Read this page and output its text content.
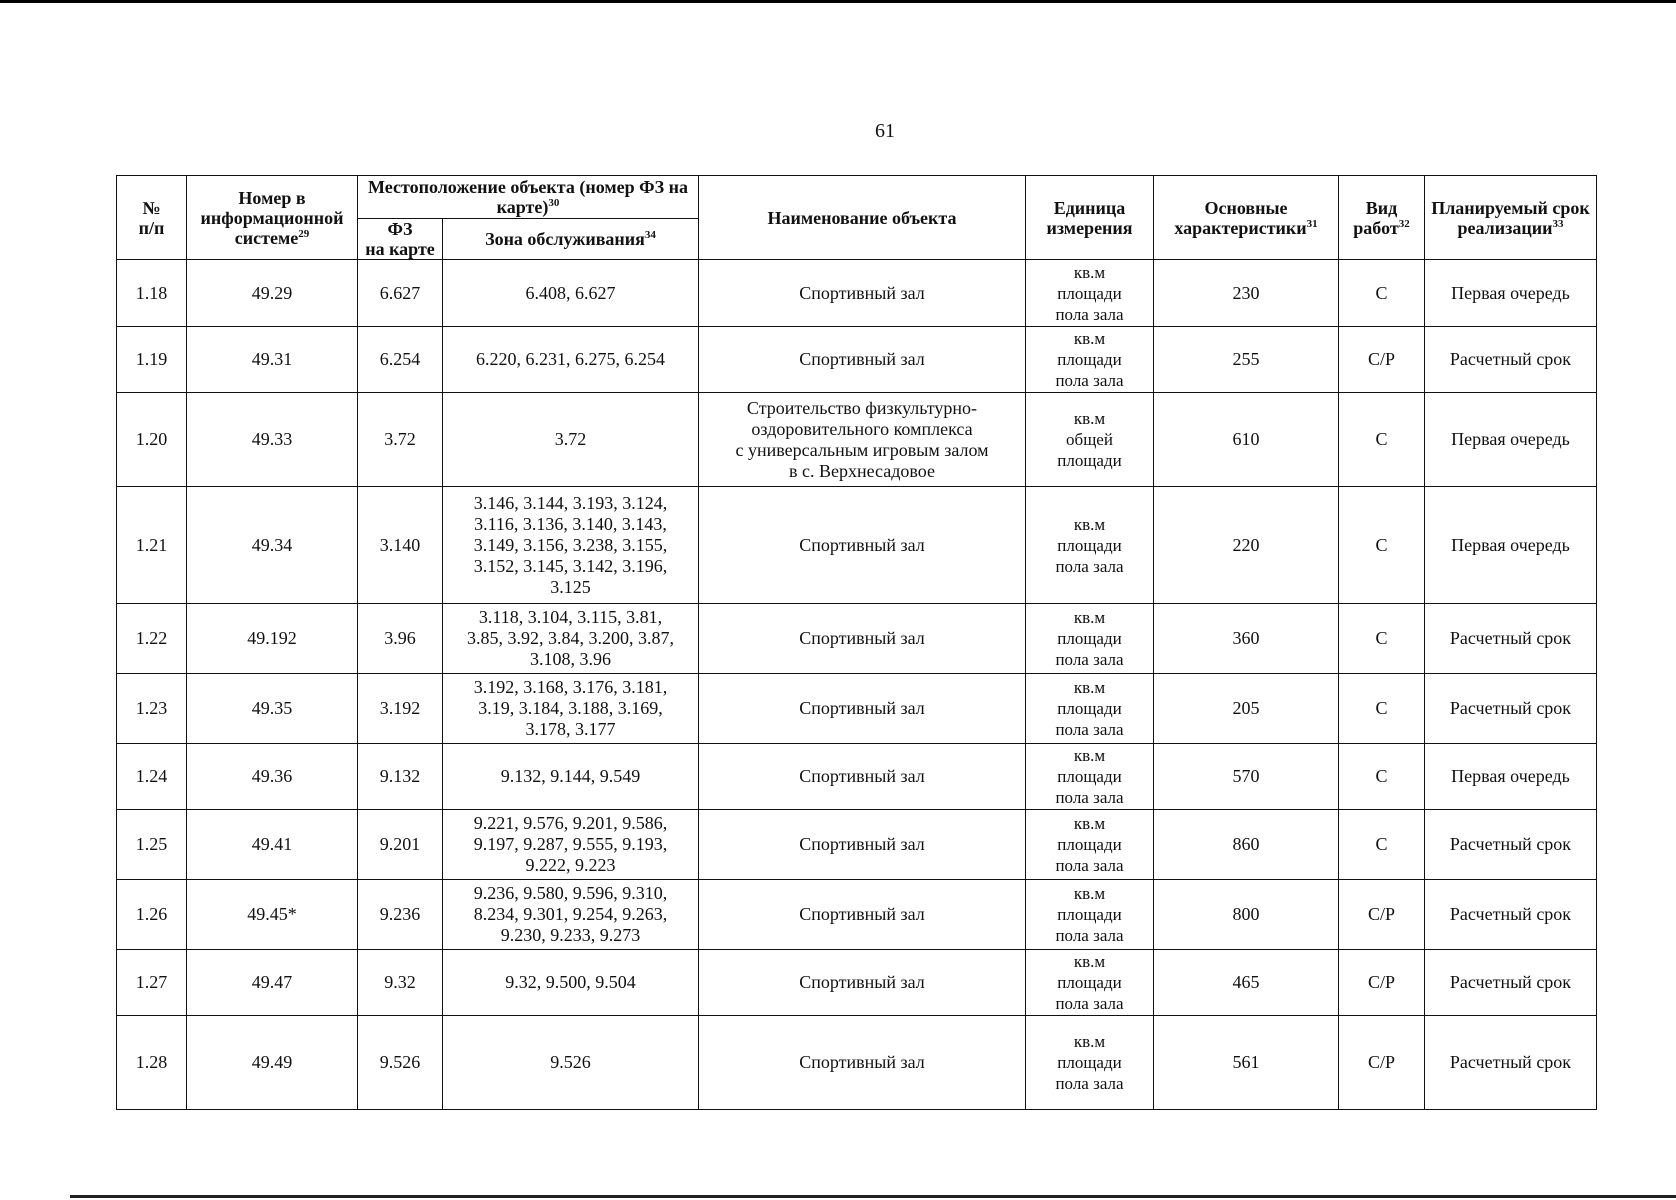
61
№
п/п	Номер в информационной системе$^{29}$	Местоположение объекта (номер ФЗ на карте)$^{30}$		Наименование объекта	Единица измерения	Основные характеристики$^{31}$	Вид работ$^{32}$	Планируемый срок реализации$^{33}$
		ФЗ
на карте	Зона обслуживания$^{34}$
1.18	49.29	6.627	6.408, 6.627	Спортивный зал	кв.м
площади
пола зала	230	С	Первая очередь
1.19	49.31	6.254	6.220, 6.231, 6.275, 6.254	Спортивный зал	кв.м
площади
пола зала	255	С/Р	Расчетный срок
1.20	49.33	3.72	3.72	Строительство физкультурно-
оздоровительного комплекса
с универсальным игровым залом
в с. Верхнесадовое	кв.м
общей
площади	610	С	Первая очередь
1.21	49.34	3.140	3.146, 3.144, 3.193, 3.124,
3.116, 3.136, 3.140, 3.143,
3.149, 3.156, 3.238, 3.155,
3.152, 3.145, 3.142, 3.196,
3.125	Спортивный зал	кв.м
площади
пола зала	220	С	Первая очередь
1.22	49.192	3.96	3.118, 3.104, 3.115, 3.81,
3.85, 3.92, 3.84, 3.200, 3.87,
3.108, 3.96	Спортивный зал	кв.м
площади
пола зала	360	С	Расчетный срок
1.23	49.35	3.192	3.192, 3.168, 3.176, 3.181,
3.19, 3.184, 3.188, 3.169,
3.178, 3.177	Спортивный зал	кв.м
площади
пола зала	205	С	Расчетный срок
1.24	49.36	9.132	9.132, 9.144, 9.549	Спортивный зал	кв.м
площади
пола зала	570	С	Первая очередь
1.25	49.41	9.201	9.221, 9.576, 9.201, 9.586,
9.197, 9.287, 9.555, 9.193,
9.222, 9.223	Спортивный зал	кв.м
площади
пола зала	860	С	Расчетный срок
1.26	49.45*	9.236	9.236, 9.580, 9.596, 9.310,
8.234, 9.301, 9.254, 9.263,
9.230, 9.233, 9.273	Спортивный зал	кв.м
площади
пола зала	800	С/Р	Расчетный срок
1.27	49.47	9.32	9.32, 9.500, 9.504	Спортивный зал	кв.м
площади
пола зала	465	С/Р	Расчетный срок
1.28	49.49	9.526	9.526	Спортивный зал	кв.м
площади
пола зала	561	С/Р	Расчетный срок
